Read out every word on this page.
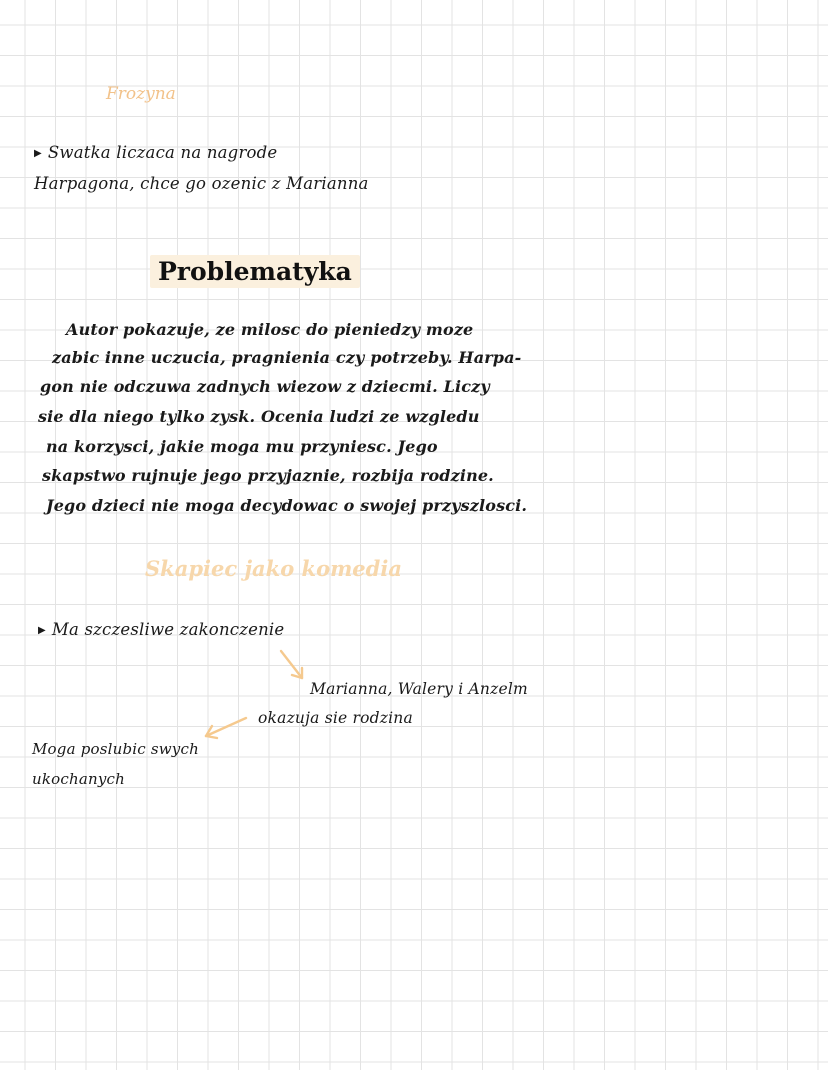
Frozyna
▶ Swatka liczaca na nagrode
Harpagona, chce go ozenic z Marianna
Problematyka
Autor pokazuje, ze milosc do pieniedzy moze
zabic inne uczucia, pragnienia czy potrzeby. Harpa-
gon nie odczuwa zadnych wiezow z dziecmi. Liczy
sie dla niego tylko zysk. Ocenia ludzi ze wzgledu
na korzysci, jakie moga mu przyniesc. Jego
skapstwo rujnuje jego przyjaznie, rozbija rodzine.
Jego dzieci nie moga decydowac o swojej przyszlosci.
Skapiec jako komedia
▶ Ma szczesliwe zakonczenie
Marianna, Walery i Anzelm
okazuja sie rodzina
Moga poslubic swych
ukochanych
